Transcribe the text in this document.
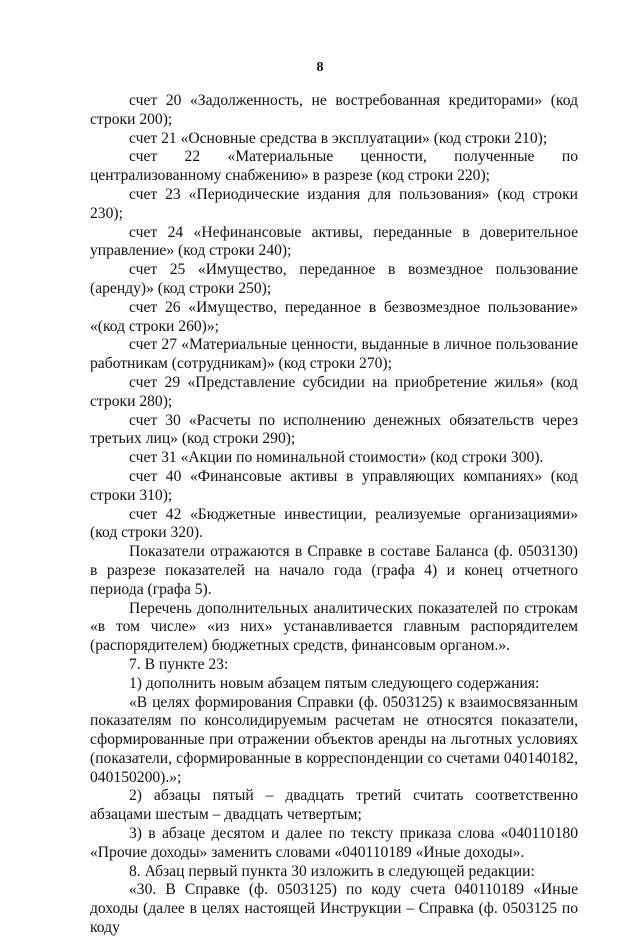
8

счет 20 «Задолженность, не востребованная кредиторами» (код строки 200);

счет 21 «Основные средства в эксплуатации» (код строки 210);

счет 22 «Материальные ценности, полученные по централизованному снабжению» в разрезе (код строки 220);

счет 23 «Периодические издания для пользования» (код строки 230);

счет 24 «Нефинансовые активы, переданные в доверительное управление» (код строки 240);

счет 25 «Имущество, переданное в возмездное пользование (аренду)» (код строки 250);

счет 26 «Имущество, переданное в безвозмездное пользование» «(код строки 260)»;

счет 27 «Материальные ценности, выданные в личное пользование работникам (сотрудникам)» (код строки 270);

счет 29 «Представление субсидии на приобретение жилья» (код строки 280);

счет 30 «Расчеты по исполнению денежных обязательств через третьих лиц» (код строки 290);

счет 31 «Акции по номинальной стоимости» (код строки 300).

счет 40 «Финансовые активы в управляющих компаниях» (код строки 310);

счет 42 «Бюджетные инвестиции, реализуемые организациями» (код строки 320).

Показатели отражаются в Справке в составе Баланса (ф. 0503130) в разрезе показателей на начало года (графа 4) и конец отчетного периода (графа 5).

Перечень дополнительных аналитических показателей по строкам «в том числе» «из них» устанавливается главным распорядителем (распорядителем) бюджетных средств, финансовым органом.».

7. В пункте 23:

1) дополнить новым абзацем пятым следующего содержания:

«В целях формирования Справки (ф. 0503125) к взаимосвязанным показателям по консолидируемым расчетам не относятся показатели, сформированные при отражении объектов аренды на льготных условиях (показатели, сформированные в корреспонденции со счетами 040140182, 040150200).»;

2) абзацы пятый – двадцать третий считать соответственно абзацами шестым – двадцать четвертым;

3) в абзаце десятом и далее по тексту приказа слова «040110180 «Прочие доходы» заменить словами «040110189 «Иные доходы».

8. Абзац первый пункта 30 изложить в следующей редакции:

«30. В Справке (ф. 0503125) по коду счета 040110189 «Иные доходы (далее в целях настоящей Инструкции – Справка (ф. 0503125 по коду
